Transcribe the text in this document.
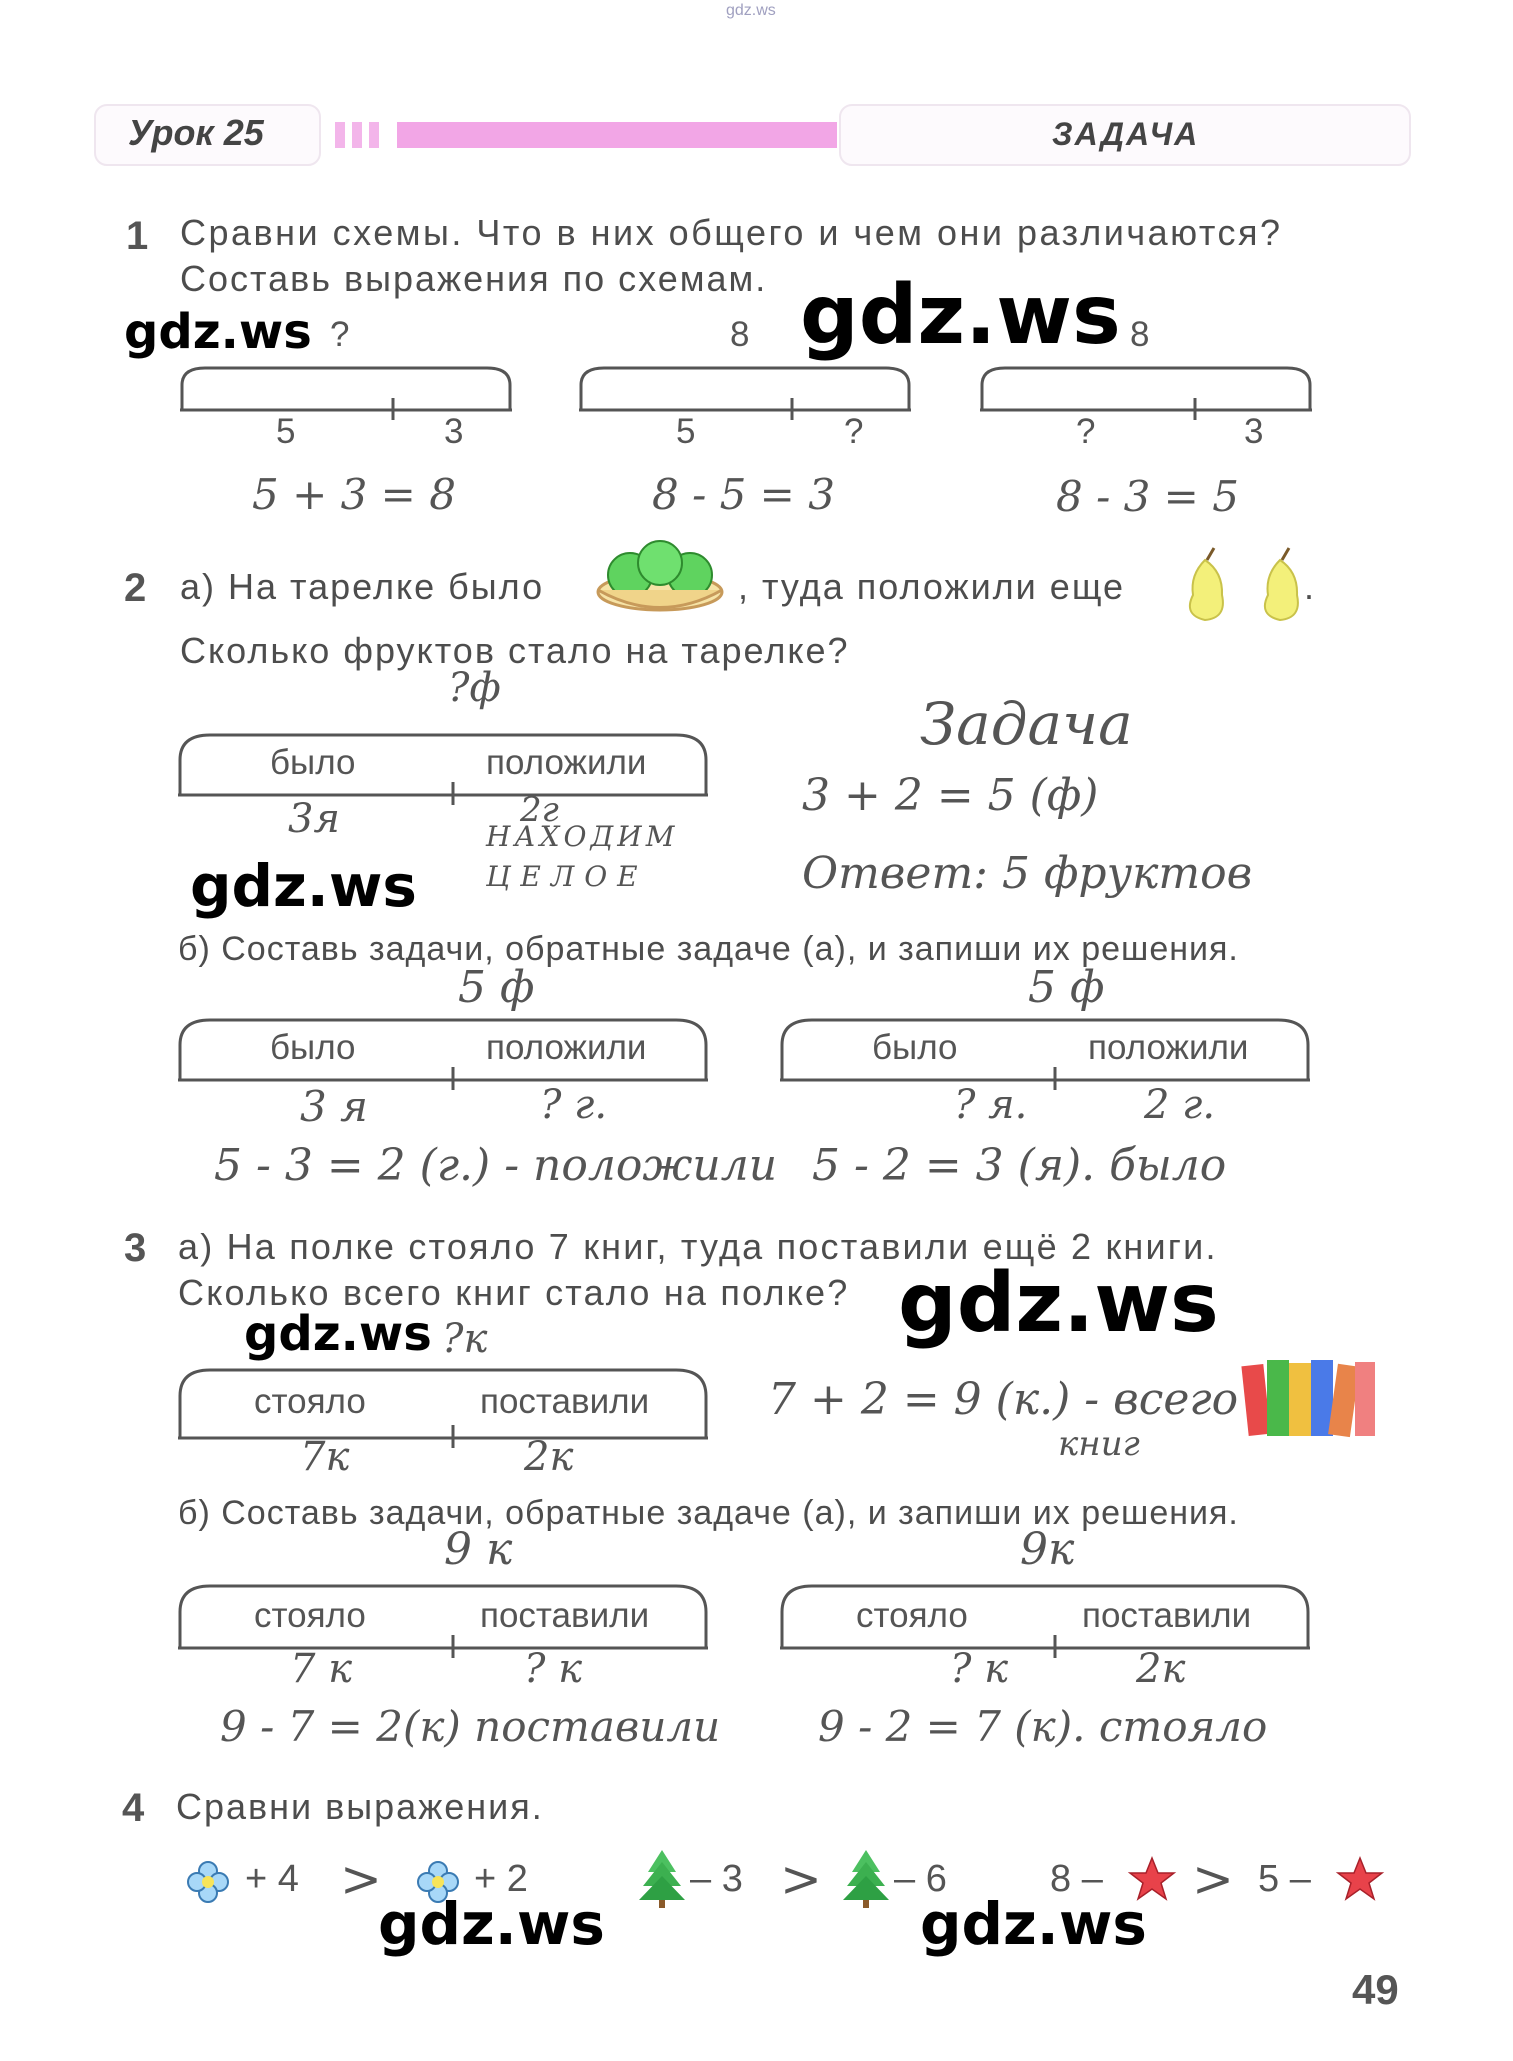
gdz.ws
Урок 25	ЗАДАЧА
1 Сравни схемы. Что в них общего и чем они различаются?
Составь выражения по схемам.
?
5	3
5 + 3 = 8
8
5	?
8 - 5 = 3
8
?	3
8 - 3 = 5
2 а) На тарелке было	, туда положили еще	.
Сколько фруктов стало на тарелке?
?ф
было	положили
3я	2г
НАХОДИМ
ЦЕЛОЕ
Задача
3 + 2 = 5 (ф)
Ответ: 5 фруктов
б) Составь задачи, обратные задаче (а), и запиши их решения.
5 ф
было	положили
3 я	? г.
5 - 3 = 2 (г.) - положили
5 ф
было	положили
? я.	2 г.
5 - 2 = 3 (я). было
3 а) На полке стояло 7 книг, туда поставили ещё 2 книги.
Сколько всего книг стало на полке?
?к
стояло	поставили
7к	2к
7 + 2 = 9 (к.) - всего
книг
б) Составь задачи, обратные задаче (а), и запиши их решения.
9 к
стояло	поставили
7 к	? к
9 - 7 = 2(к) поставили
9к
стояло	поставили
? к	2к
9 - 2 = 7 (к). стояло
4 Сравни выражения.
+ 4 > + 2	– 3 > – 6	8 – > 5 –
49
gdz.ws	gdz.ws
gdz.ws
gdz.ws
gdz.ws
gdz.ws	gdz.ws
